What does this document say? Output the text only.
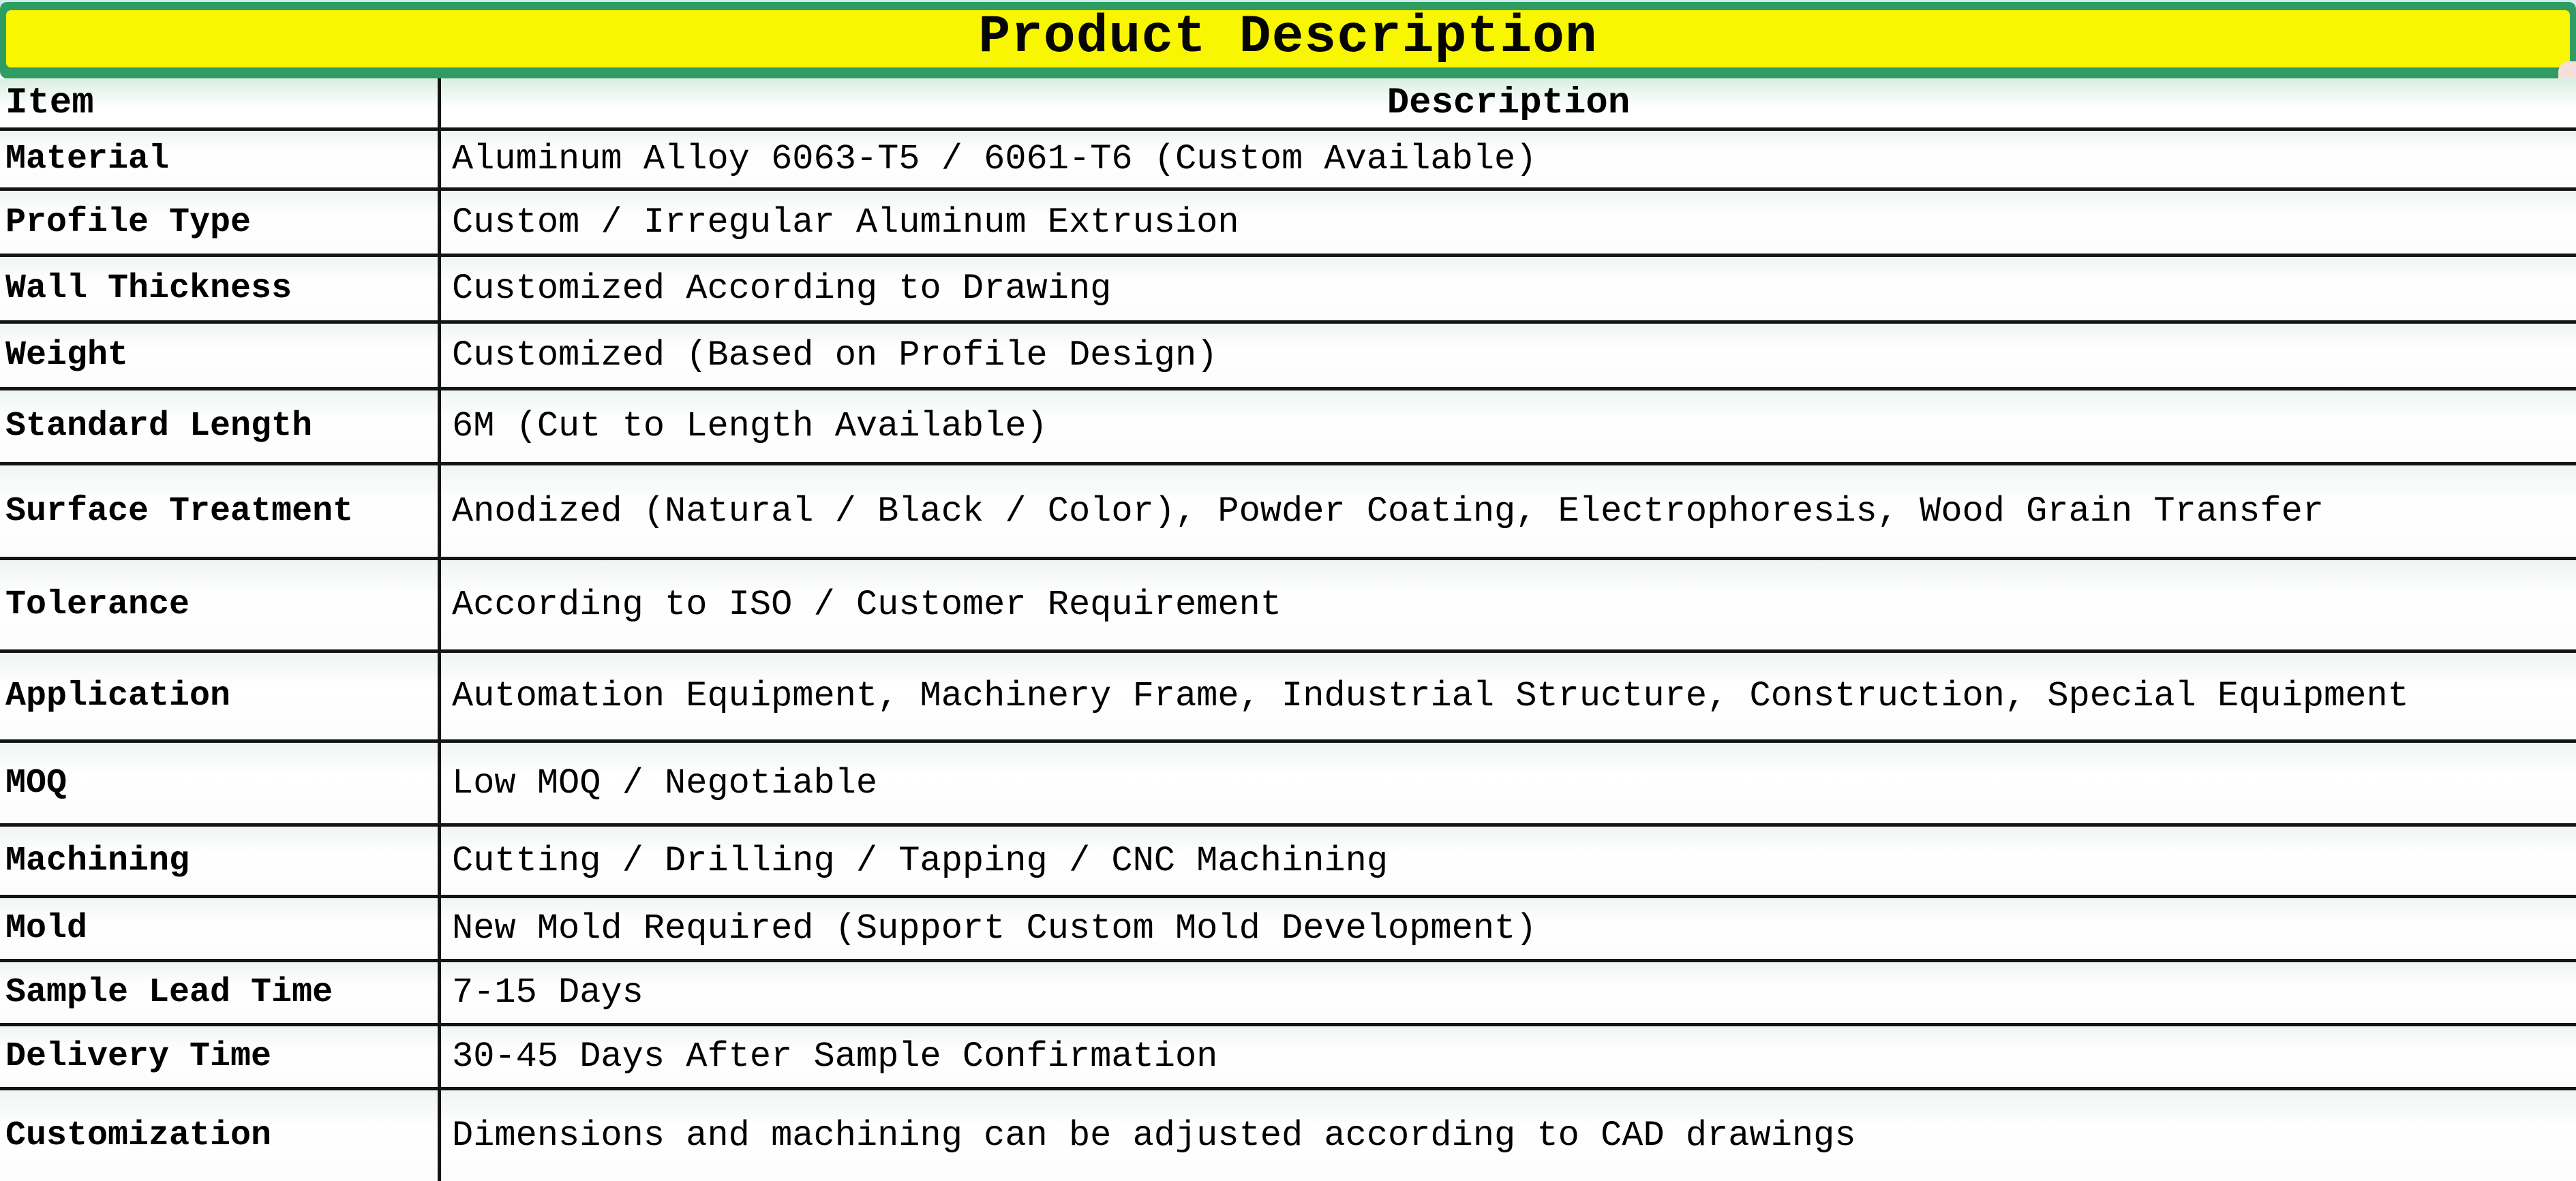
Product Description
Item	Description
Material	Aluminum Alloy 6063-T5 / 6061-T6 (Custom Available)
Profile Type	Custom / Irregular Aluminum Extrusion
Wall Thickness	Customized According to Drawing
Weight	Customized (Based on Profile Design)
Standard Length	6M (Cut to Length Available)
Surface Treatment	Anodized (Natural / Black / Color), Powder Coating, Electrophoresis, Wood Grain Transfer
Tolerance	According to ISO / Customer Requirement
Application	Automation Equipment, Machinery Frame, Industrial Structure, Construction, Special Equipment
MOQ	Low MOQ / Negotiable
Machining	Cutting / Drilling / Tapping / CNC Machining
Mold	New Mold Required (Support Custom Mold Development)
Sample Lead Time	7-15 Days
Delivery Time	30-45 Days After Sample Confirmation
Customization	Dimensions and machining can be adjusted according to CAD drawings
